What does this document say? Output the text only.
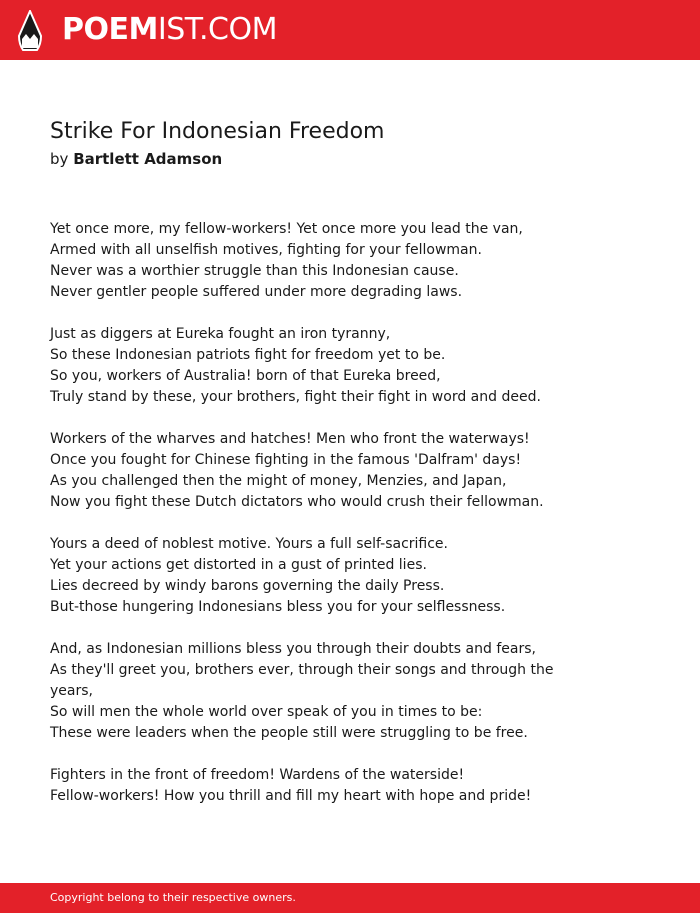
POEMIST.COM
Strike For Indonesian Freedom
by Bartlett Adamson
Yet once more, my fellow-workers! Yet once more you lead the van,
Armed with all unselfish motives, fighting for your fellowman.
Never was a worthier struggle than this Indonesian cause.
Never gentler people suffered under more degrading laws.
Just as diggers at Eureka fought an iron tyranny,
So these Indonesian patriots fight for freedom yet to be.
So you, workers of Australia! born of that Eureka breed,
Truly stand by these, your brothers, fight their fight in word and deed.
Workers of the wharves and hatches! Men who front the waterways!
Once you fought for Chinese fighting in the famous 'Dalfram' days!
As you challenged then the might of money, Menzies, and Japan,
Now you fight these Dutch dictators who would crush their fellowman.
Yours a deed of noblest motive. Yours a full self-sacrifice.
Yet your actions get distorted in a gust of printed lies.
Lies decreed by windy barons governing the daily Press.
But-those hungering Indonesians bless you for your selflessness.
And, as Indonesian millions bless you through their doubts and fears,
As they'll greet you, brothers ever, through their songs and through the
years,
So will men the whole world over speak of you in times to be:
These were leaders when the people still were struggling to be free.
Fighters in the front of freedom! Wardens of the waterside!
Fellow-workers! How you thrill and fill my heart with hope and pride!
Copyright belong to their respective owners.
